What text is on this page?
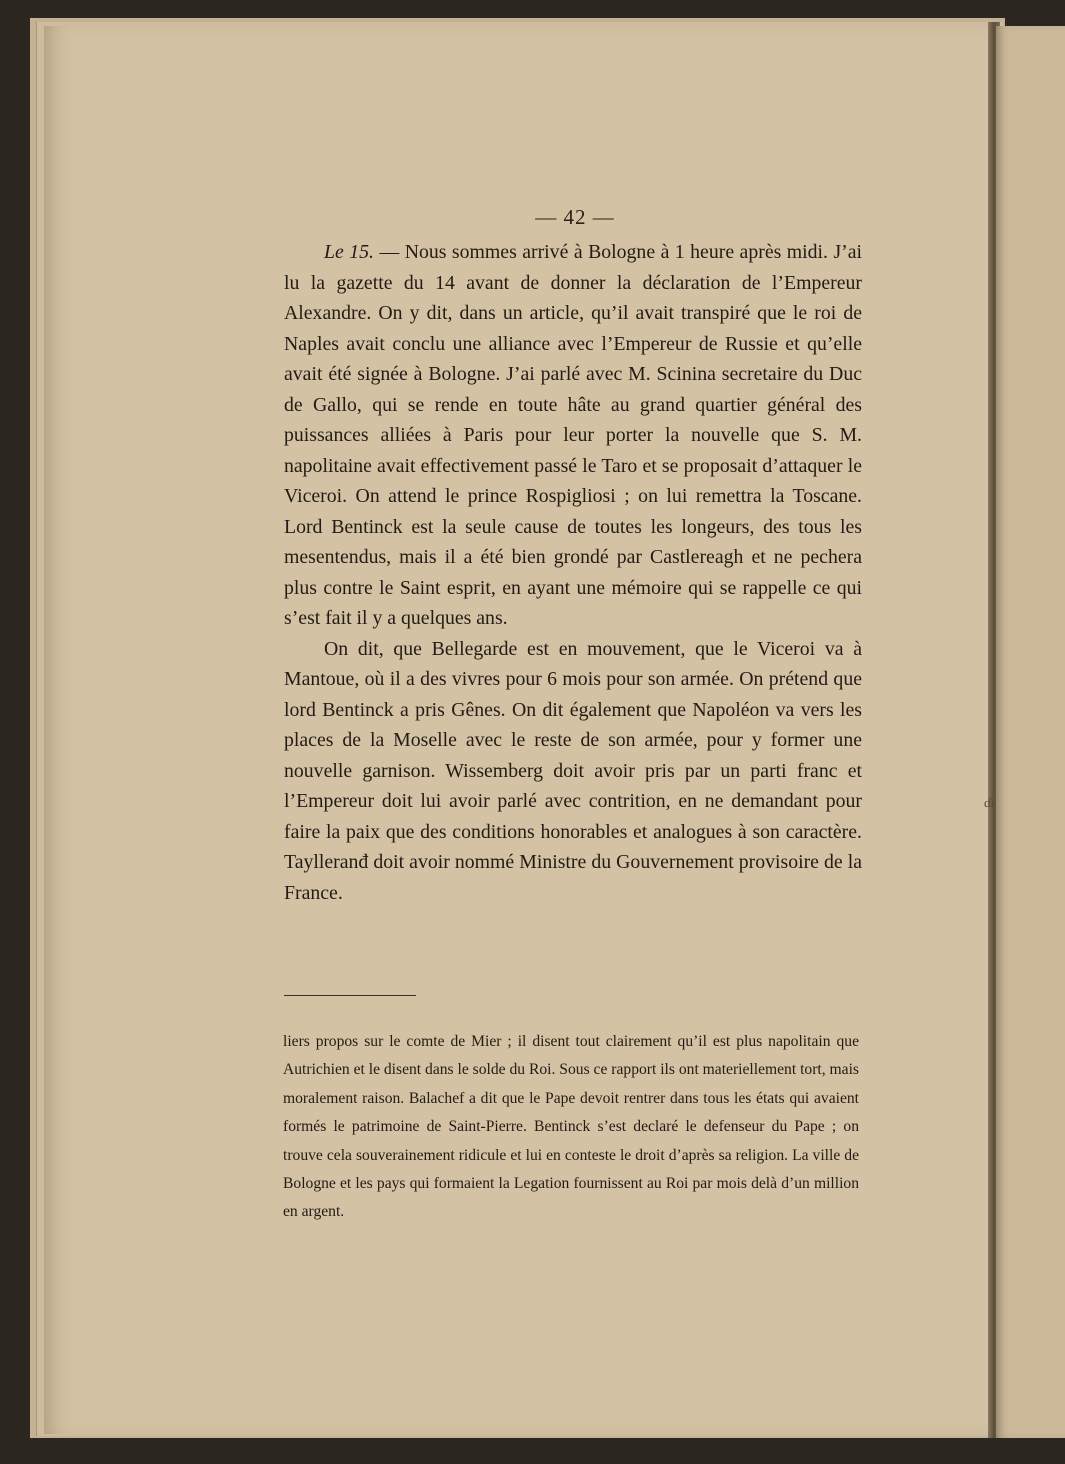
ɗì
— 42 —

Le 15. — Nous sommes arrivé à Bologne à 1 heure après midi. J’ai lu la gazette du 14 avant de donner la déclaration de l’Empereur Alexandre. On y dit, dans un article, qu’il avait transpiré que le roi de Naples avait conclu une alliance avec l’Empereur de Russie et qu’elle avait été signée à Bologne. J’ai parlé avec M. Scinina secretaire du Duc de Gallo, qui se rende en toute hâte au grand quartier général des puissances alliées à Paris pour leur porter la nouvelle que S. M. napolitaine avait effectivement passé le Taro et se proposait d’attaquer le Viceroi. On attend le prince Rospigliosi ; on lui remettra la Toscane. Lord Bentinck est la seule cause de toutes les longeurs, des tous les mesentendus, mais il a été bien grondé par Castlereagh et ne pechera plus contre le Saint esprit, en ayant une mémoire qui se rappelle ce qui s’est fait il y a quelques ans.

On dit, que Bellegarde est en mouvement, que le Viceroi va à Mantoue, où il a des vivres pour 6 mois pour son armée. On prétend que lord Bentinck a pris Gênes. On dit également que Napoléon va vers les places de la Moselle avec le reste de son armée, pour y former une nouvelle garnison. Wissemberg doit avoir pris par un parti franc et l’Empereur doit lui avoir parlé avec contrition, en ne demandant pour faire la paix que des conditions honorables et analogues à son caractère. Taylleranđ doit avoir nommé Ministre du Gouvernement provisoire de la France.

liers propos sur le comte de Mier ; il disent tout clairement qu’il est plus napolitain que Autrichien et le disent dans le solde du Roi. Sous ce rapport ils ont materiellement tort, mais moralement raison. Balachef a dit que le Pape devoit rentrer dans tous les états qui avaient formés le patrimoine de Saint-Pierre. Bentinck s’est declaré le defenseur du Pape ; on trouve cela souverainement ridicule et lui en conteste le droit d’après sa religion. La ville de Bologne et les pays qui formaient la Legation fournissent au Roi par mois delà d’un million en argent.
